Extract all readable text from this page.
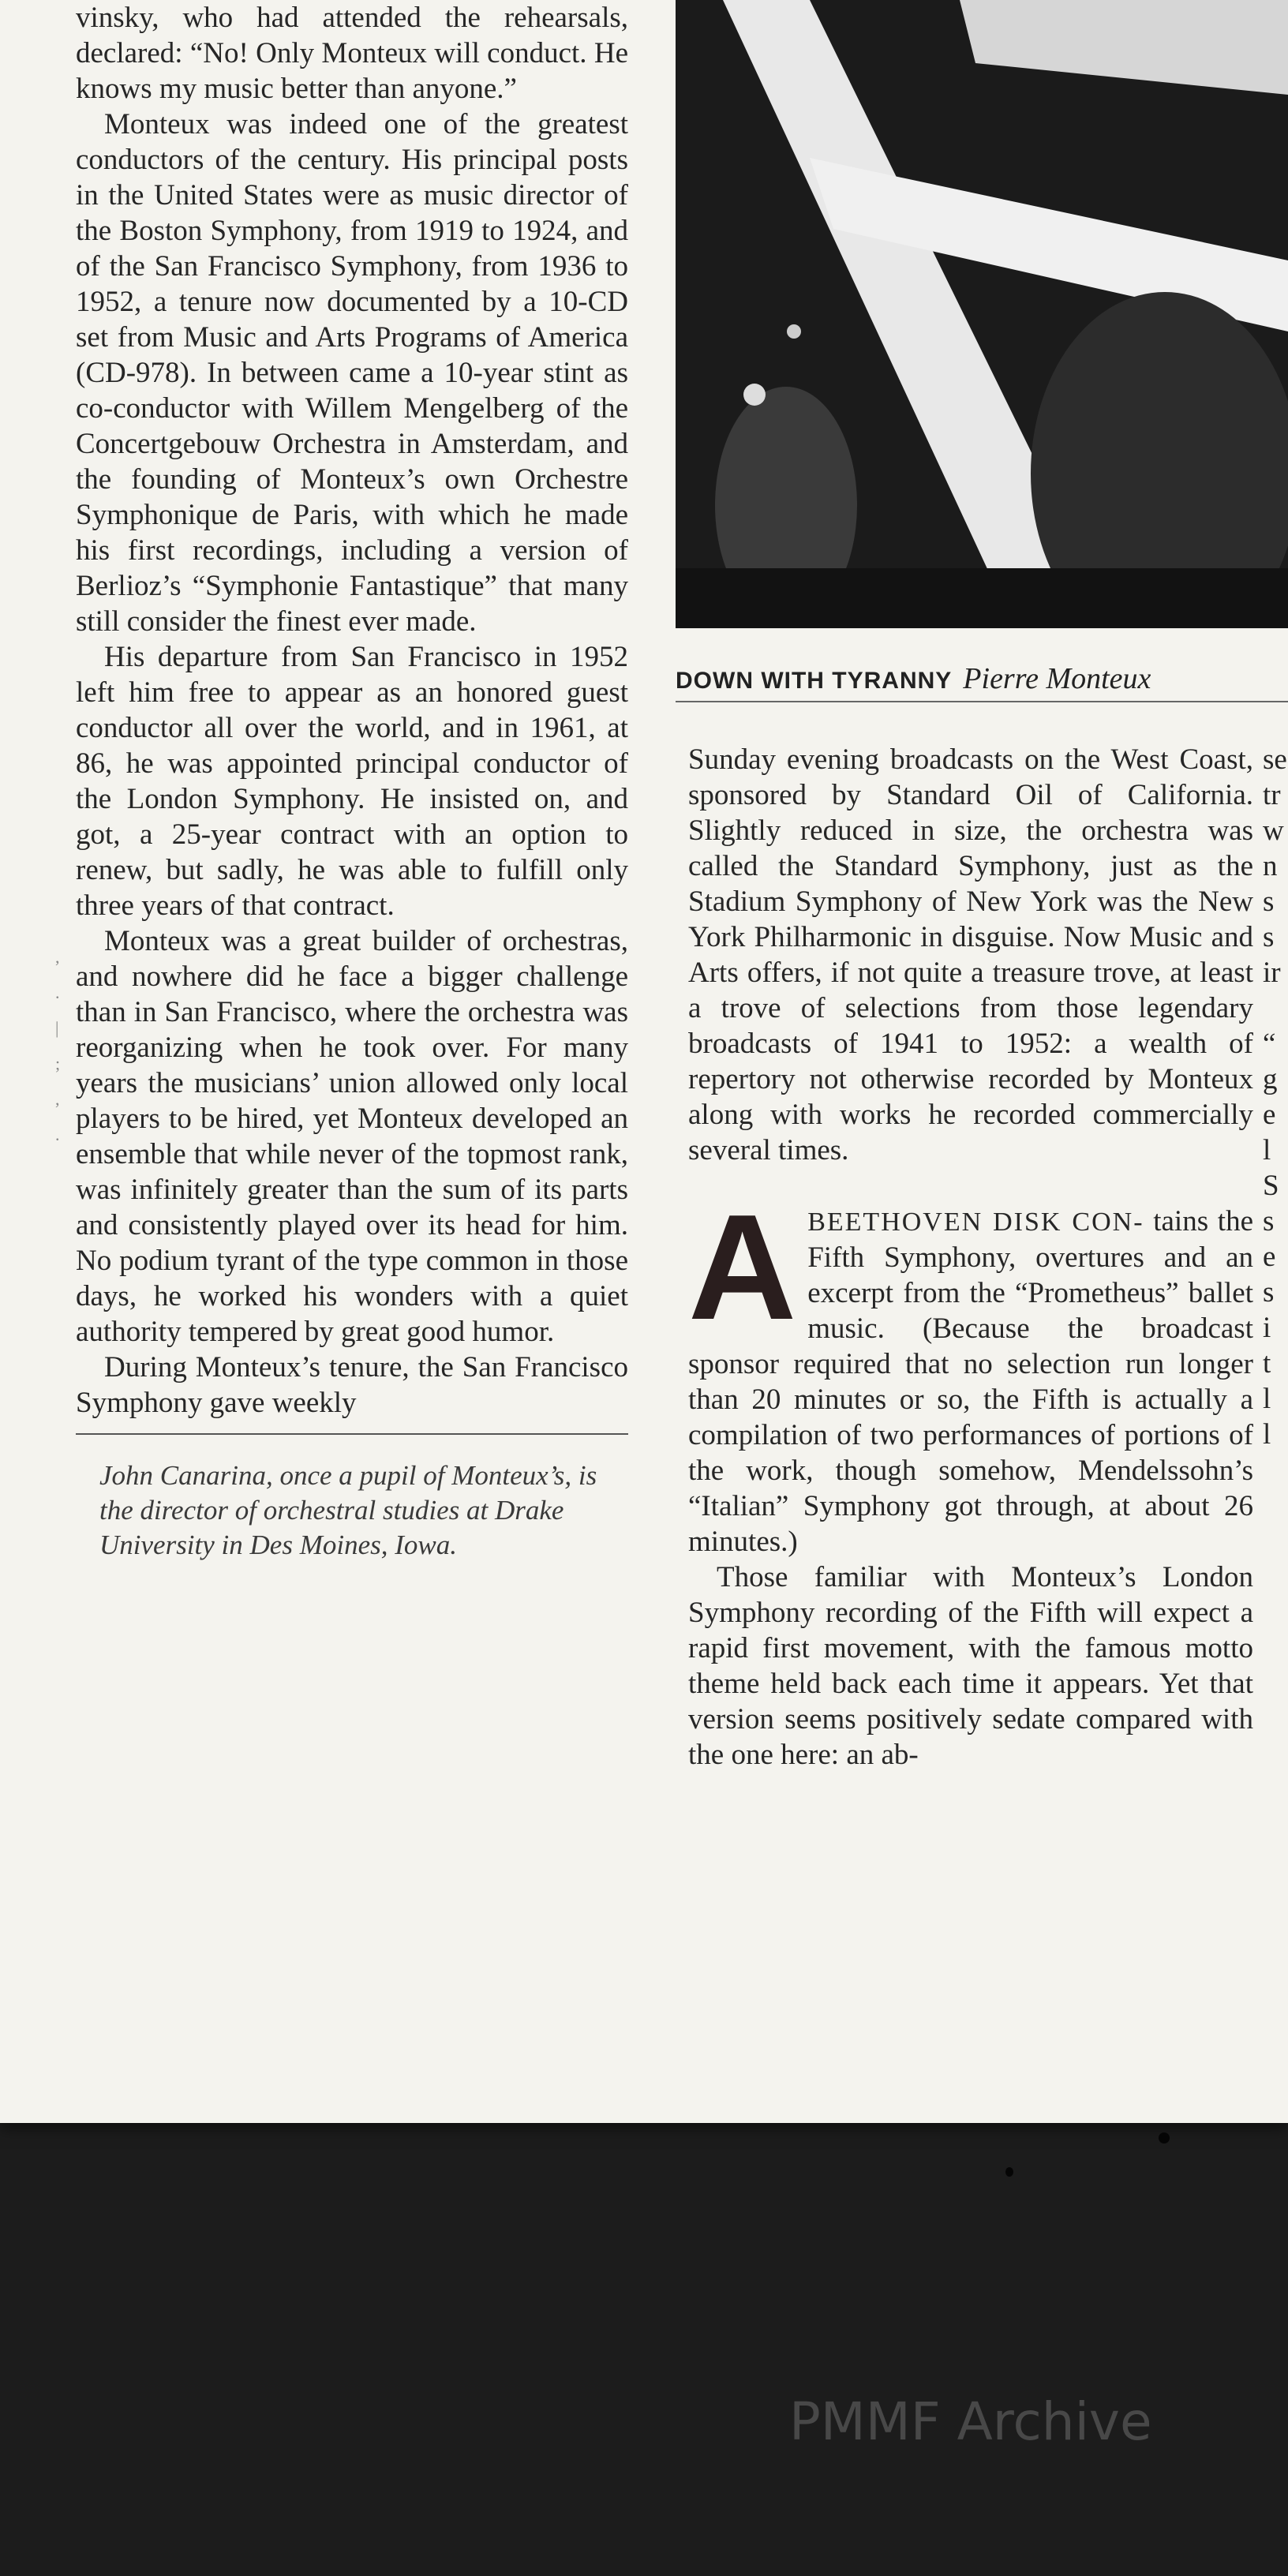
vinsky, who had attended the rehearsals, declared: “No! Only Monteux will conduct. He knows my music better than anyone.”

Monteux was indeed one of the greatest conductors of the century. His principal posts in the United States were as music director of the Boston Symphony, from 1919 to 1924, and of the San Francisco Symphony, from 1936 to 1952, a tenure now documented by a 10-CD set from Music and Arts Programs of America (CD-978). In between came a 10-year stint as co-conductor with Willem Mengelberg of the Concertgebouw Orchestra in Amsterdam, and the founding of Monteux’s own Orchestre Symphonique de Paris, with which he made his first recordings, including a version of Berlioz’s “Symphonie Fantastique” that many still consider the finest ever made.

His departure from San Francisco in 1952 left him free to appear as an honored guest conductor all over the world, and in 1961, at 86, he was appointed principal conductor of the London Symphony. He insisted on, and got, a 25-year contract with an option to renew, but sadly, he was able to fulfill only three years of that contract.

Monteux was a great builder of orchestras, and nowhere did he face a bigger challenge than in San Francisco, where the orchestra was reorganizing when he took over. For many years the musicians’ union allowed only local players to be hired, yet Monteux developed an ensemble that while never of the topmost rank, was infinitely greater than the sum of its parts and consistently played over its head for him. No podium tyrant of the type common in those days, he worked his wonders with a quiet authority tempered by great good humor.

During Monteux’s tenure, the San Francisco Symphony gave weekly

John Canarina, once a pupil of Monteux’s, is the director of orchestral studies at Drake University in Des Moines, Iowa.

,
.
|
;
,
.
DOWN WITH TYRANNY Pierre Monteux

Sunday evening broadcasts on the West Coast, sponsored by Standard Oil of California. Slightly reduced in size, the orchestra was called the Standard Symphony, just as the Stadium Symphony of New York was the New York Philharmonic in disguise. Now Music and Arts offers, if not quite a treasure trove, at least a trove of selections from those legendary broadcasts of 1941 to 1952: a wealth of repertory not otherwise recorded by Monteux along with works he recorded commercially several times.

ABEETHOVEN DISK CON- tains the Fifth Symphony, overtures and an excerpt from the “Prometheus” ballet music. (Because the broadcast sponsor required that no selection run longer than 20 minutes or so, the Fifth is actually a compilation of two performances of portions of the work, though somehow, Mendelssohn’s “Italian” Symphony got through, at about 26 minutes.)

Those familiar with Monteux’s London Symphony recording of the Fifth will expect a rapid first movement, with the famous motto theme held back each time it appears. Yet that version seems positively sedate compared with the one here: an ab-

se
tr
w
n
s
s
ir
“
g
e
l
S
s
e
s
i
t
l
l
PMMF Archive
